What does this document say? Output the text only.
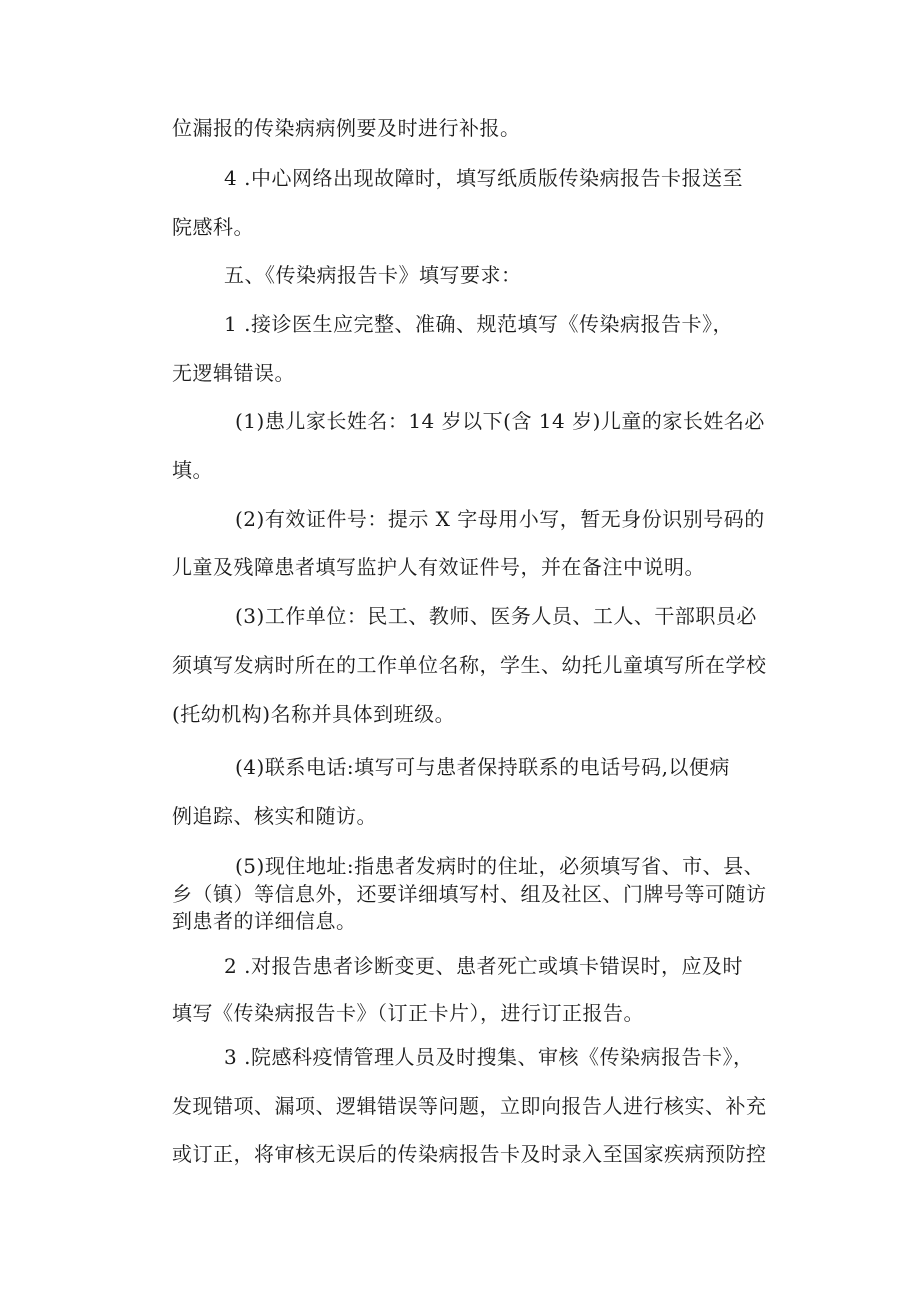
位漏报的传染病病例要及时进行补报。

4 .中心网络出现故障时，填写纸质版传染病报告卡报送至

院感科。

五、《传染病报告卡》填写要求：

1 .接诊医生应完整、准确、规范填写《传染病报告卡》，

无逻辑错误。

(1)患儿家长姓名：14 岁以下(含 14 岁)儿童的家长姓名必

填。

(2)有效证件号：提示 X 字母用小写，暂无身份识别号码的

儿童及残障患者填写监护人有效证件号，并在备注中说明。

(3)工作单位：民工、教师、医务人员、工人、干部职员必

须填写发病时所在的工作单位名称，学生、幼托儿童填写所在学校

(托幼机构)名称并具体到班级。

(4)联系电话:填写可与患者保持联系的电话号码,以便病

例追踪、核实和随访。

(5)现住地址:指患者发病时的住址，必须填写省、市、县、

乡（镇）等信息外，还要详细填写村、组及社区、门牌号等可随访

到患者的详细信息。

2 .对报告患者诊断变更、患者死亡或填卡错误时，应及时

填写《传染病报告卡》（订正卡片），进行订正报告。

3 .院感科疫情管理人员及时搜集、审核《传染病报告卡》，

发现错项、漏项、逻辑错误等问题，立即向报告人进行核实、补充

或订正，将审核无误后的传染病报告卡及时录入至国家疾病预防控
